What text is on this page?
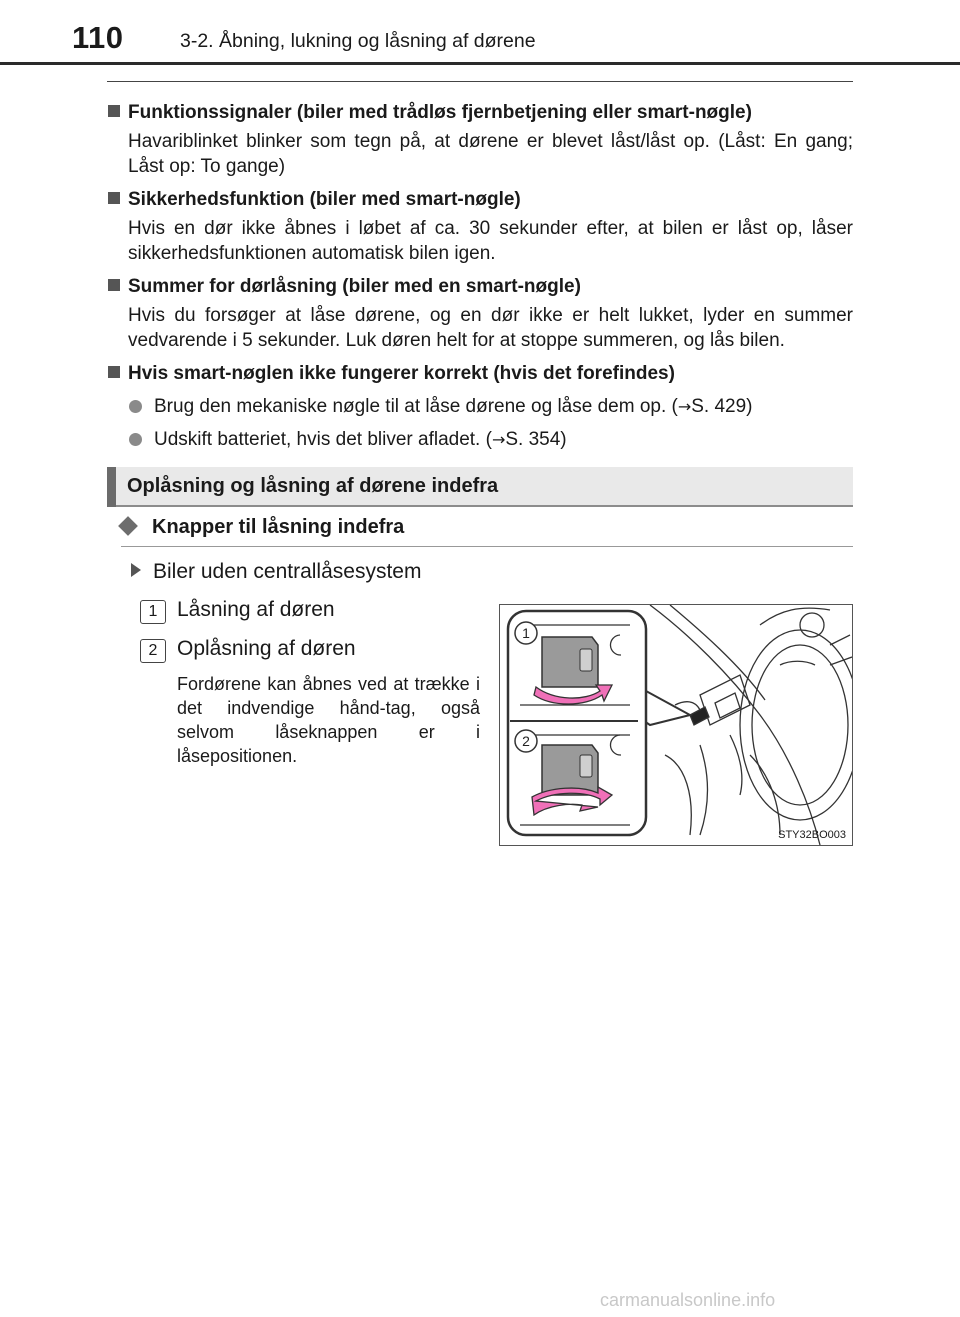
110	3-2. Åbning, lukning og låsning af dørene
Funktionssignaler (biler med trådløs fjernbetjening eller smart-nøgle)
Havariblinket blinker som tegn på, at dørene er blevet låst/låst op. (Låst: En gang; Låst op: To gange)
Sikkerhedsfunktion (biler med smart-nøgle)
Hvis en dør ikke åbnes i løbet af ca. 30 sekunder efter, at bilen er låst op, låser sikkerhedsfunktionen automatisk bilen igen.
Summer for dørlåsning (biler med en smart-nøgle)
Hvis du forsøger at låse dørene, og en dør ikke er helt lukket, lyder en summer vedvarende i 5 sekunder. Luk døren helt for at stoppe summeren, og lås bilen.
Hvis smart-nøglen ikke fungerer korrekt (hvis det forefindes)
Brug den mekaniske nøgle til at låse dørene og låse dem op. (→S. 429)
Udskift batteriet, hvis det bliver afladet. (→S. 354)
Oplåsning og låsning af dørene indefra
Knapper til låsning indefra
Biler uden centrallåsesystem
1 Låsning af døren
2 Oplåsning af døren
Fordørene kan åbnes ved at trække i det indvendige hånd-tag, også selvom låseknappen er i låsepositionen.
1
2
STY32BO003
carmanualsonline.info
